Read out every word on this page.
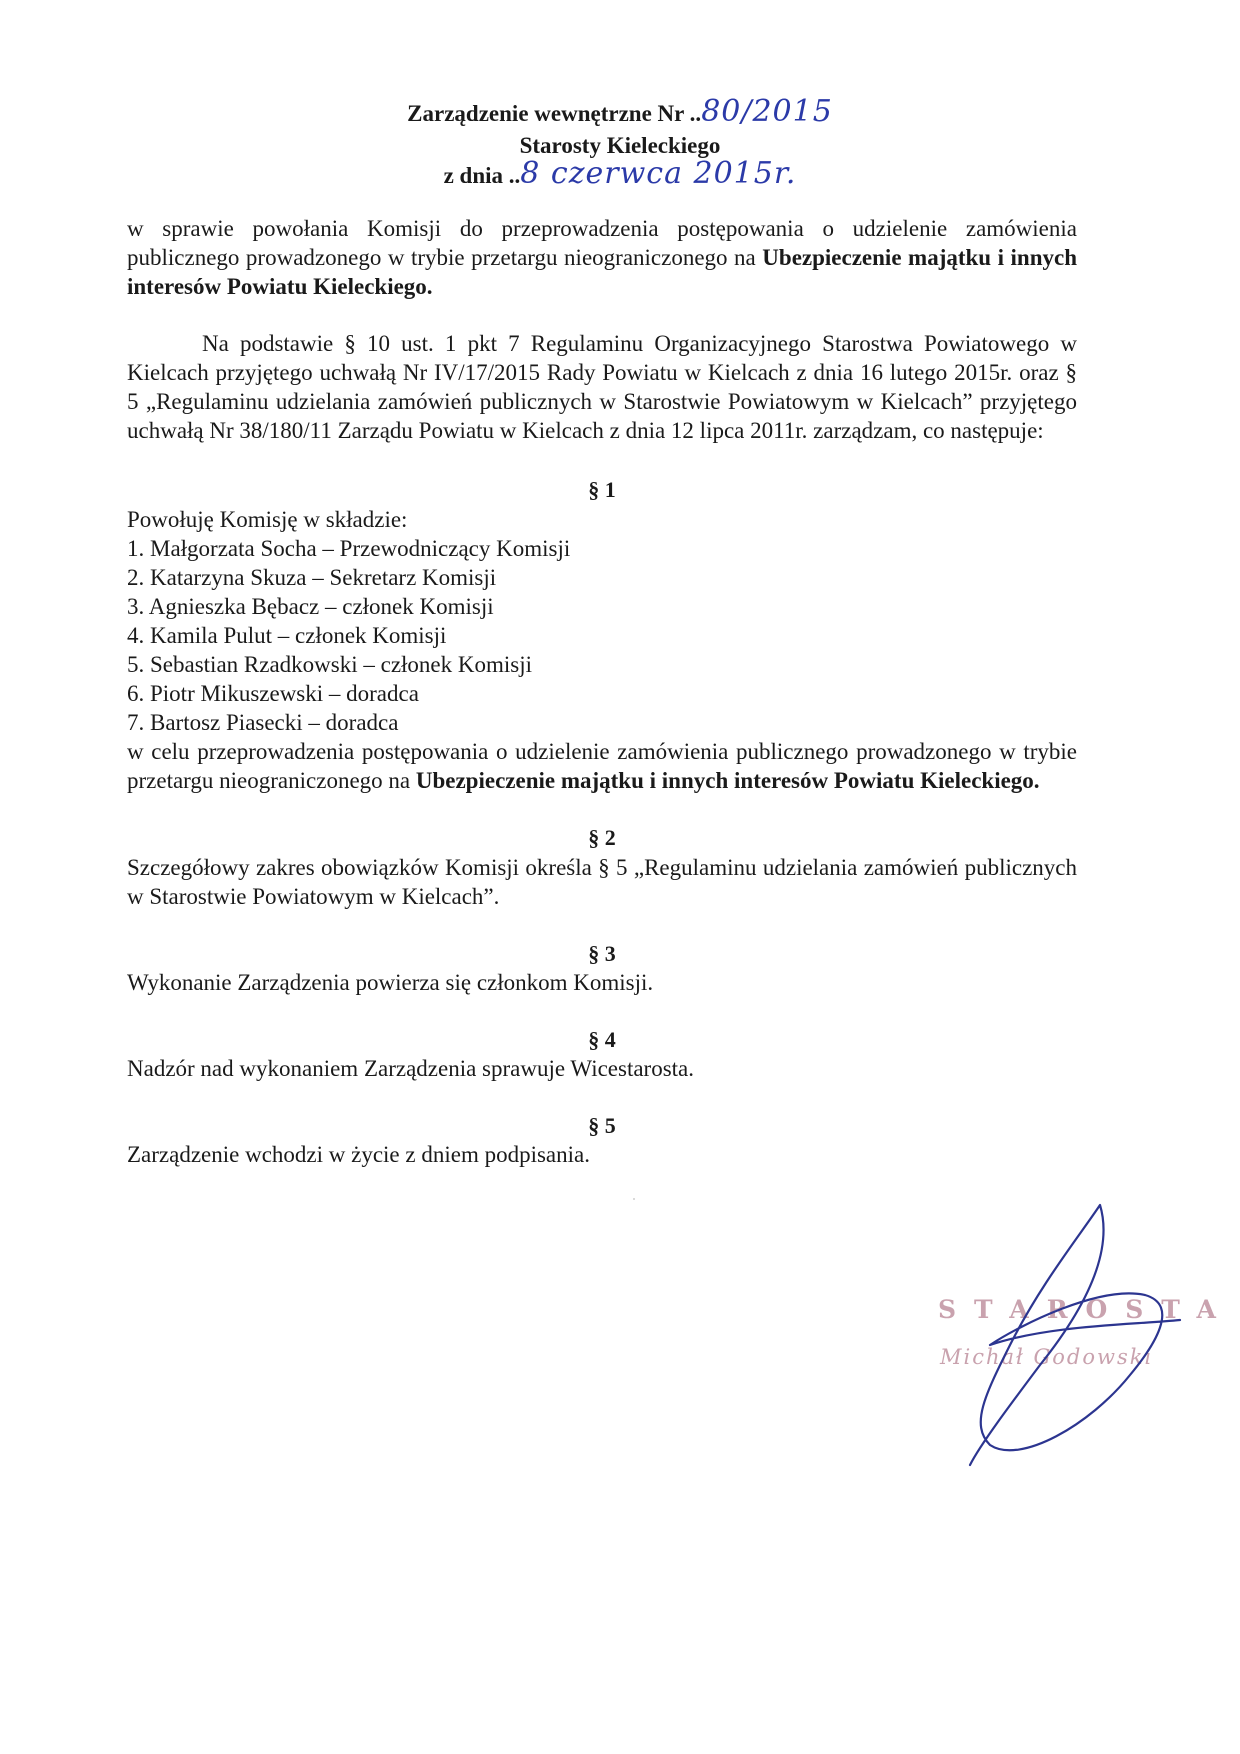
Zarządzenie wewnętrzne Nr ..80/2015
Starosty Kieleckiego
z dnia ..8 czerwca 2015r.
w sprawie powołania Komisji do przeprowadzenia postępowania o udzielenie zamówienia publicznego prowadzonego w trybie przetargu nieograniczonego na Ubezpieczenie majątku i innych interesów Powiatu Kieleckiego.
Na podstawie § 10 ust. 1 pkt 7 Regulaminu Organizacyjnego Starostwa Powiatowego w Kielcach przyjętego uchwałą Nr IV/17/2015 Rady Powiatu w Kielcach z dnia 16 lutego 2015r. oraz § 5 „Regulaminu udzielania zamówień publicznych w Starostwie Powiatowym w Kielcach” przyjętego uchwałą Nr 38/180/11 Zarządu Powiatu w Kielcach z dnia 12 lipca 2011r. zarządzam, co następuje:
§ 1
Powołuję Komisję w składzie:
1. Małgorzata Socha – Przewodniczący Komisji
2. Katarzyna Skuza – Sekretarz Komisji
3. Agnieszka Bębacz – członek Komisji
4. Kamila Pulut – członek Komisji
5. Sebastian Rzadkowski – członek Komisji
6. Piotr Mikuszewski – doradca
7. Bartosz Piasecki – doradca
w celu przeprowadzenia postępowania o udzielenie zamówienia publicznego prowadzonego w trybie przetargu nieograniczonego na Ubezpieczenie majątku i innych interesów Powiatu Kieleckiego.
§ 2
Szczegółowy zakres obowiązków Komisji określa § 5 „Regulaminu udzielania zamówień publicznych w Starostwie Powiatowym w Kielcach”.
§ 3
Wykonanie Zarządzenia powierza się członkom Komisji.
§ 4
Nadzór nad wykonaniem Zarządzenia sprawuje Wicestarosta.
§ 5
Zarządzenie wchodzi w życie z dniem podpisania.
STAROSTA
Michał Godowski
